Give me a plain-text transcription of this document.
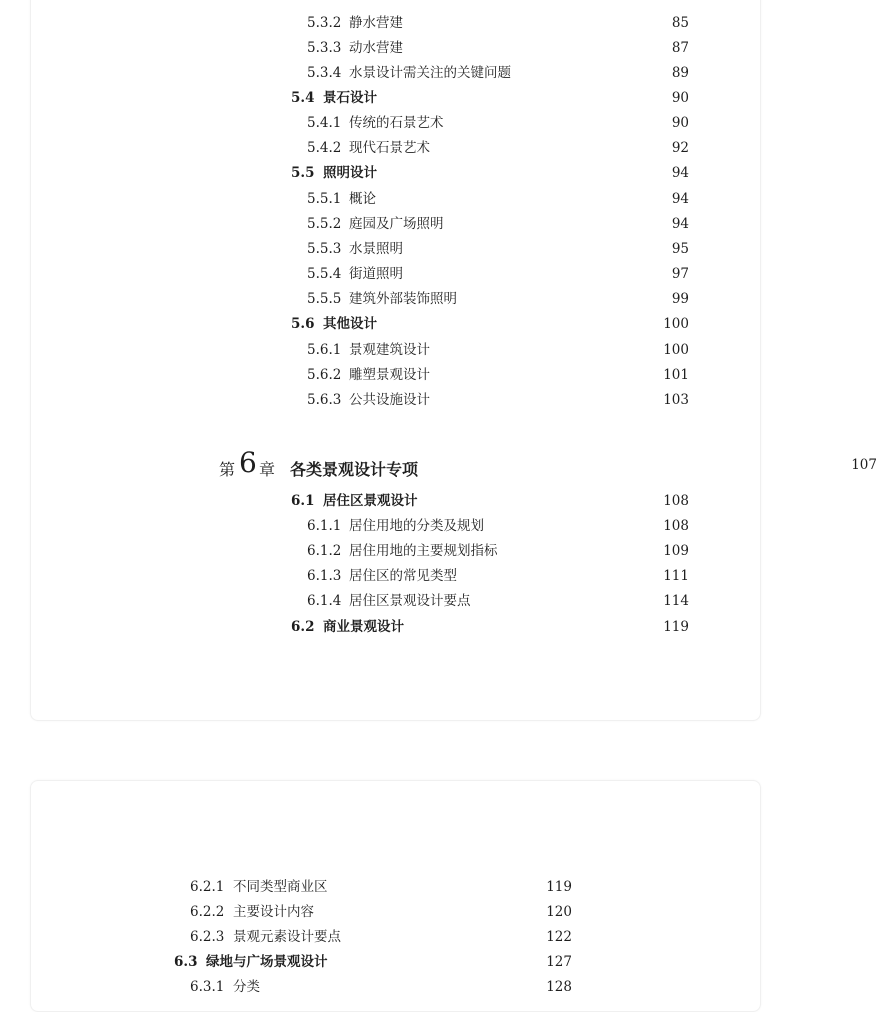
5.3.2 静水营建	85
5.3.3 动水营建	87
5.3.4 水景设计需关注的关键问题	89
5.4 景石设计	90
5.4.1 传统的石景艺术	90
5.4.2 现代石景艺术	92
5.5 照明设计	94
5.5.1 概论	94
5.5.2 庭园及广场照明	94
5.5.3 水景照明	95
5.5.4 街道照明	97
5.5.5 建筑外部装饰照明	99
5.6 其他设计	100
5.6.1 景观建筑设计	100
5.6.2 雕塑景观设计	101
5.6.3 公共设施设计	103
第 6 章 各类景观设计专项	107
6.1 居住区景观设计	108
6.1.1 居住用地的分类及规划	108
6.1.2 居住用地的主要规划指标	109
6.1.3 居住区的常见类型	111
6.1.4 居住区景观设计要点	114
6.2 商业景观设计	119
6.2.1 不同类型商业区	119
6.2.2 主要设计内容	120
6.2.3 景观元素设计要点	122
6.3 绿地与广场景观设计	127
6.3.1 分类	128
